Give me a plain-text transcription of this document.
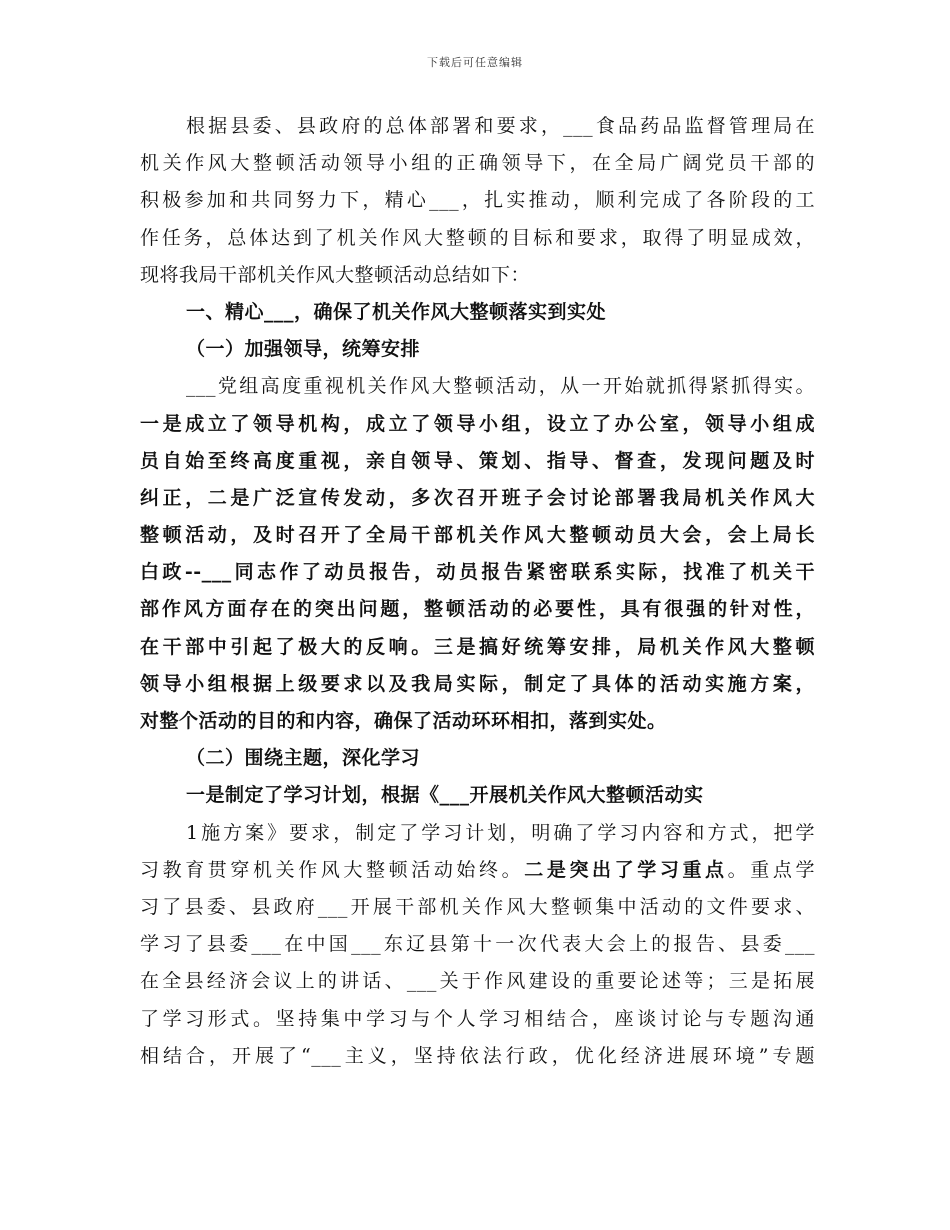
下载后可任意编辑
根据县委、县政府的总体部署和要求，___食品药品监督管理局在
机关作风大整顿活动领导小组的正确领导下，在全局广阔党员干部的
积极参加和共同努力下，精心___，扎实推动，顺利完成了各阶段的工
作任务，总体达到了机关作风大整顿的目标和要求，取得了明显成效，
现将我局干部机关作风大整顿活动总结如下：
一、精心___，确保了机关作风大整顿落实到实处
（一）加强领导，统筹安排
___党组高度重视机关作风大整顿活动，从一开始就抓得紧抓得实。
一是成立了领导机构，成立了领导小组，设立了办公室，领导小组成
员自始至终高度重视，亲自领导、策划、指导、督查，发现问题及时
纠正，二是广泛宣传发动，多次召开班子会讨论部署我局机关作风大
整顿活动，及时召开了全局干部机关作风大整顿动员大会，会上局长
白政--___同志作了动员报告，动员报告紧密联系实际，找准了机关干
部作风方面存在的突出问题，整顿活动的必要性，具有很强的针对性，
在干部中引起了极大的反响。三是搞好统筹安排，局机关作风大整顿
领导小组根据上级要求以及我局实际，制定了具体的活动实施方案，
对整个活动的目的和内容，确保了活动环环相扣，落到实处。
（二）围绕主题，深化学习
一是制定了学习计划，根据《___开展机关作风大整顿活动实
1施方案》要求，制定了学习计划，明确了学习内容和方式，把学
习教育贯穿机关作风大整顿活动始终。二是突出了学习重点。重点学
习了县委、县政府___开展干部机关作风大整顿集中活动的文件要求、
学习了县委___在中国___东辽县第十一次代表大会上的报告、县委___
在全县经济会议上的讲话、___关于作风建设的重要论述等；三是拓展
了学习形式。坚持集中学习与个人学习相结合，座谈讨论与专题沟通
相结合，开展了“___主义，坚持依法行政，优化经济进展环境”专题
